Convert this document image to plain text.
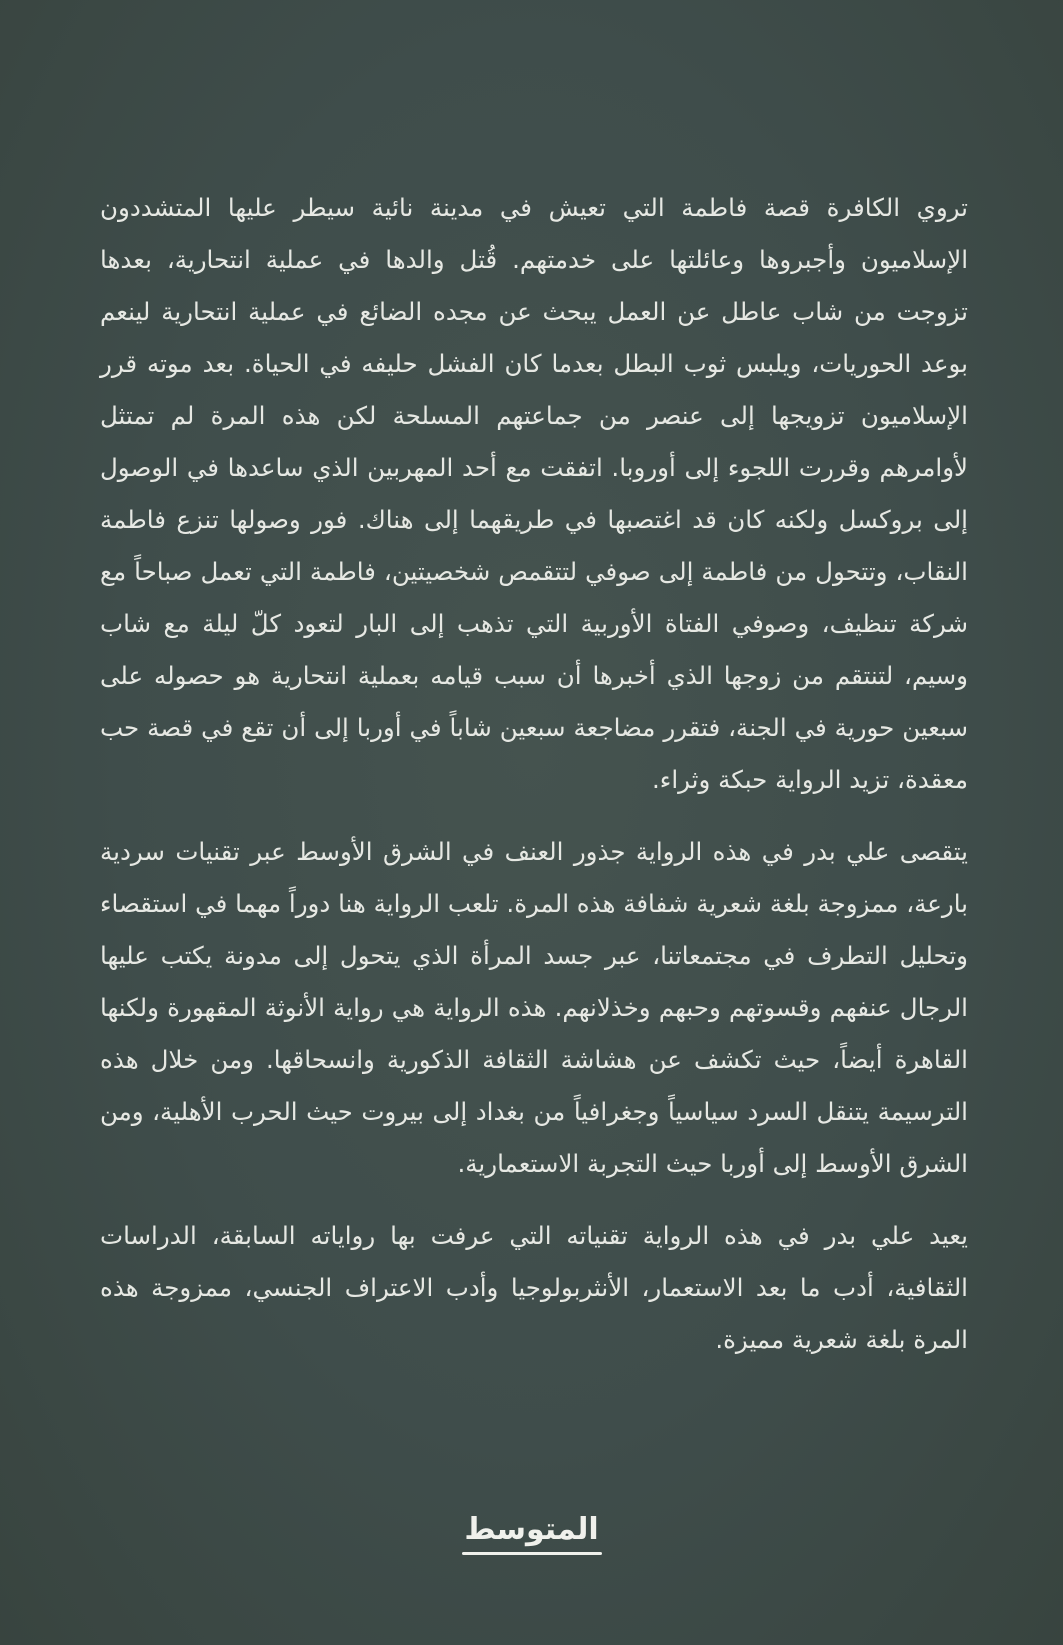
تروي الكافرة قصة فاطمة التي تعيش في مدينة نائية سيطر عليها المتشددون الإسلاميون وأجبروها وعائلتها على خدمتهم. قُتل والدها في عملية انتحارية، بعدها تزوجت من شاب عاطل عن العمل يبحث عن مجده الضائع في عملية انتحارية لينعم بوعد الحوريات، ويلبس ثوب البطل بعدما كان الفشل حليفه في الحياة. بعد موته قرر الإسلاميون تزويجها إلى عنصر من جماعتهم المسلحة لكن هذه المرة لم تمتثل لأوامرهم وقررت اللجوء إلى أوروبا. اتفقت مع أحد المهربين الذي ساعدها في الوصول إلى بروكسل ولكنه كان قد اغتصبها في طريقهما إلى هناك. فور وصولها تنزع فاطمة النقاب، وتتحول من فاطمة إلى صوفي لتتقمص شخصيتين، فاطمة التي تعمل صباحاً مع شركة تنظيف، وصوفي الفتاة الأوربية التي تذهب إلى البار لتعود كلّ ليلة مع شاب وسيم، لتنتقم من زوجها الذي أخبرها أن سبب قيامه بعملية انتحارية هو حصوله على سبعين حورية في الجنة، فتقرر مضاجعة سبعين شاباً في أوربا إلى أن تقع في قصة حب معقدة، تزيد الرواية حبكة وثراء.

يتقصى علي بدر في هذه الرواية جذور العنف في الشرق الأوسط عبر تقنيات سردية بارعة، ممزوجة بلغة شعرية شفافة هذه المرة. تلعب الرواية هنا دوراً مهما في استقصاء وتحليل التطرف في مجتمعاتنا، عبر جسد المرأة الذي يتحول إلى مدونة يكتب عليها الرجال عنفهم وقسوتهم وحبهم وخذلانهم. هذه الرواية هي رواية الأنوثة المقهورة ولكنها القاهرة أيضاً، حيث تكشف عن هشاشة الثقافة الذكورية وانسحاقها. ومن خلال هذه الترسيمة يتنقل السرد سياسياً وجغرافياً من بغداد إلى بيروت حيث الحرب الأهلية، ومن الشرق الأوسط إلى أوربا حيث التجربة الاستعمارية.

يعيد علي بدر في هذه الرواية تقنياته التي عرفت بها رواياته السابقة، الدراسات الثقافية، أدب ما بعد الاستعمار، الأنثربولوجيا وأدب الاعتراف الجنسي، ممزوجة هذه المرة بلغة شعرية مميزة.

المتوسط
